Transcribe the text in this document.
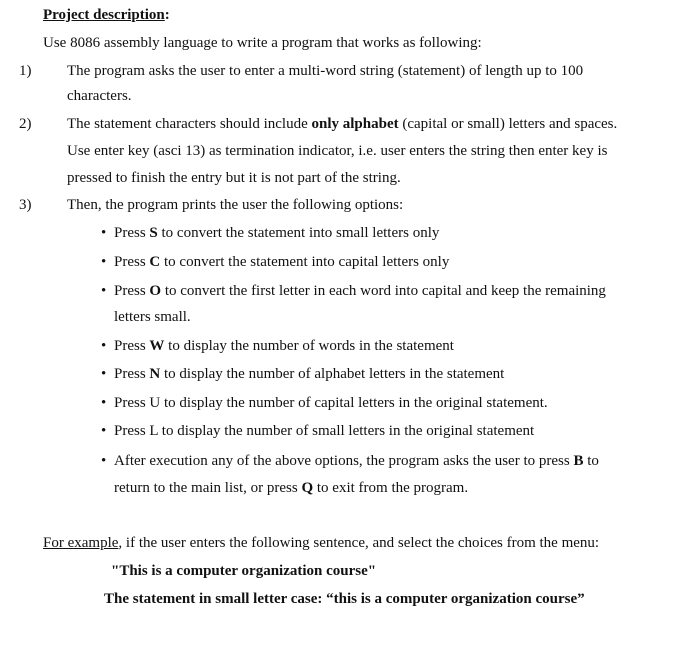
Project description:
Use 8086 assembly language to write a program that works as following:
1) The program asks the user to enter a multi-word string (statement) of length up to 100
characters.
2) The statement characters should include only alphabet (capital or small) letters and spaces.
Use enter key (asci 13) as termination indicator, i.e. user enters the string then enter key is
pressed to finish the entry but it is not part of the string.
3) Then, the program prints the user the following options:
• Press S to convert the statement into small letters only
• Press C to convert the statement into capital letters only
• Press O to convert the first letter in each word into capital and keep the remaining
letters small.
• Press W to display the number of words in the statement
• Press N to display the number of alphabet letters in the statement
• Press U to display the number of capital letters in the original statement.
• Press L to display the number of small letters in the original statement
• After execution any of the above options, the program asks the user to press B to
return to the main list, or press Q to exit from the program.
For example, if the user enters the following sentence, and select the choices from the menu:
"This is a computer organization course"
The statement in small letter case: “this is a computer organization course”
